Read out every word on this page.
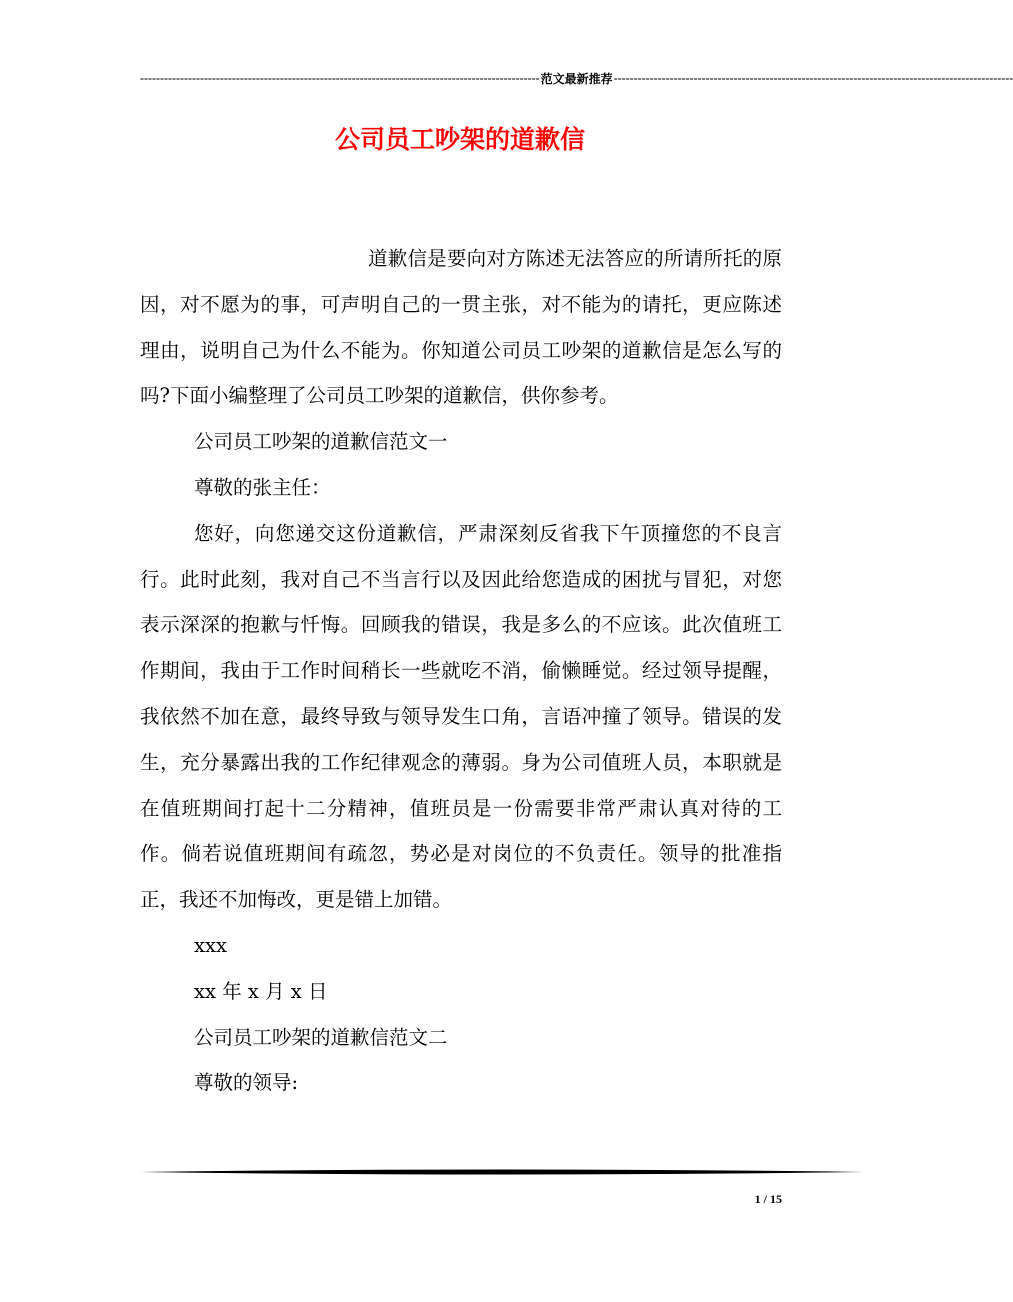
---------------------------------------------------------------------------------------------------- 范文最新推荐 ----------------------------------------------------------------------------------------------------
公司员工吵架的道歉信

道歉信是要向对方陈述无法答应的所请所托的原因，对不愿为的事，可声明自己的一贯主张，对不能为的请托，更应陈述理由，说明自己为什么不能为。你知道公司员工吵架的道歉信是怎么写的吗?下面小编整理了公司员工吵架的道歉信，供你参考。

公司员工吵架的道歉信范文一

尊敬的张主任：

您好，向您递交这份道歉信，严肃深刻反省我下午顶撞您的不良言行。此时此刻，我对自己不当言行以及因此给您造成的困扰与冒犯，对您表示深深的抱歉与忏悔。回顾我的错误，我是多么的不应该。此次值班工作期间，我由于工作时间稍长一些就吃不消，偷懒睡觉。经过领导提醒，我依然不加在意，最终导致与领导发生口角，言语冲撞了领导。错误的发生，充分暴露出我的工作纪律观念的薄弱。身为公司值班人员，本职就是在值班期间打起十二分精神，值班员是一份需要非常严肃认真对待的工作。倘若说值班期间有疏忽，势必是对岗位的不负责任。领导的批准指正，我还不加悔改，更是错上加错。

xxx

xx 年 x 月 x 日

公司员工吵架的道歉信范文二

尊敬的领导:

1 / 15
